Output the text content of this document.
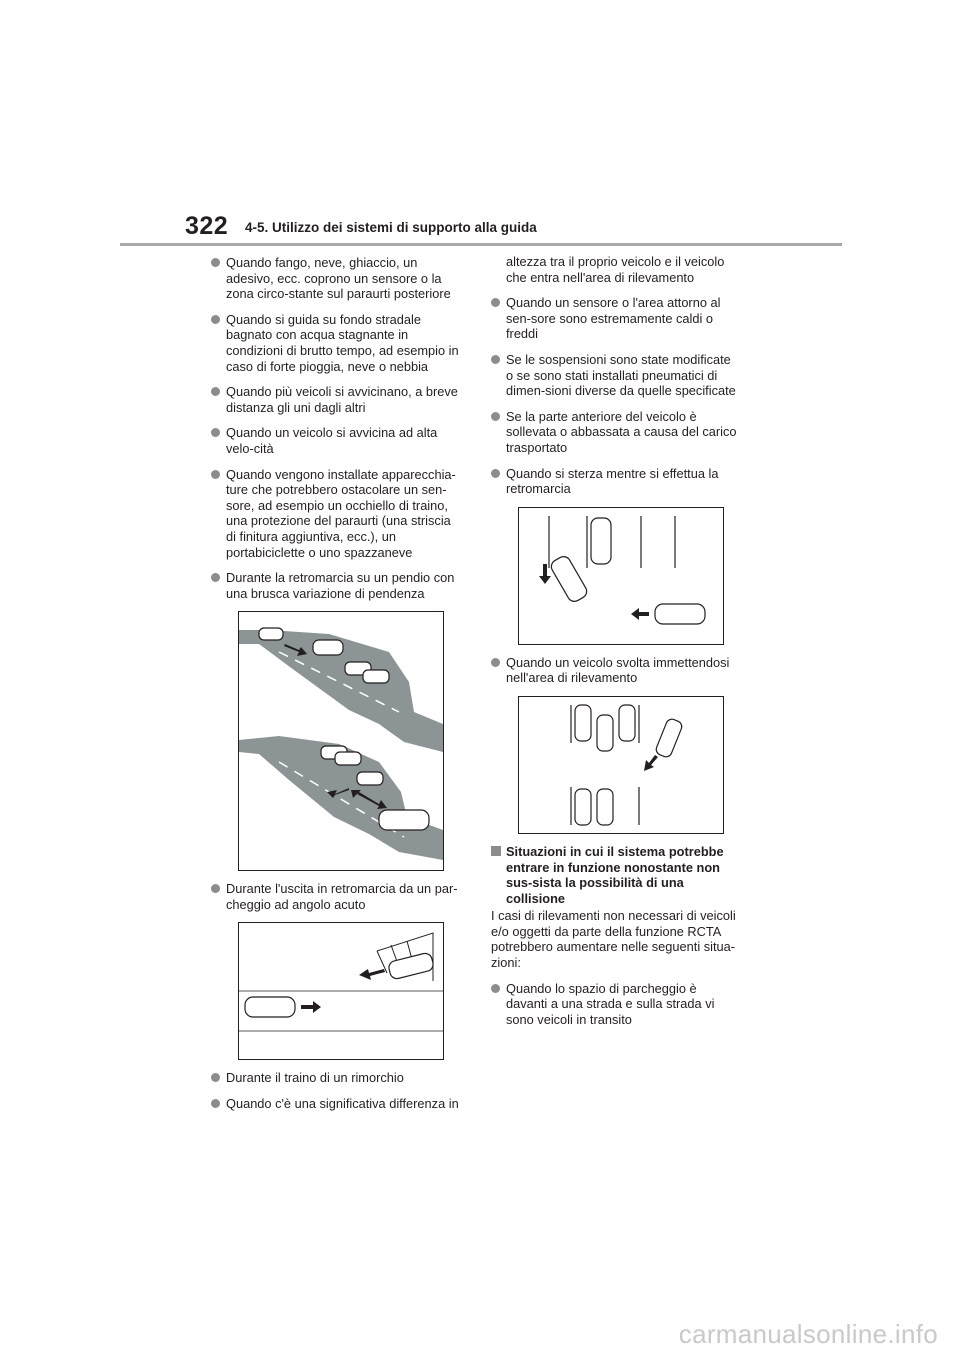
322 4-5. Utilizzo dei sistemi di supporto alla guida
Quando fango, neve, ghiaccio, un adesivo, ecc. coprono un sensore o la zona circo-stante sul paraurti posteriore
Quando si guida su fondo stradale bagnato con acqua stagnante in condizioni di brutto tempo, ad esempio in caso di forte pioggia, neve o nebbia
Quando più veicoli si avvicinano, a breve distanza gli uni dagli altri
Quando un veicolo si avvicina ad alta velo-cità
Quando vengono installate apparecchia-ture che potrebbero ostacolare un sen-sore, ad esempio un occhiello di traino, una protezione del paraurti (una striscia di finitura aggiuntiva, ecc.), un portabiciclette o uno spazzaneve
Durante la retromarcia su un pendio con una brusca variazione di pendenza
Durante l'uscita in retromarcia da un par-cheggio ad angolo acuto
Durante il traino di un rimorchio
Quando c'è una significativa differenza in
altezza tra il proprio veicolo e il veicolo che entra nell'area di rilevamento
Quando un sensore o l'area attorno al sen-sore sono estremamente caldi o freddi
Se le sospensioni sono state modificate o se sono stati installati pneumatici di dimen-sioni diverse da quelle specificate
Se la parte anteriore del veicolo è sollevata o abbassata a causa del carico trasportato
Quando si sterza mentre si effettua la retromarcia
Quando un veicolo svolta immettendosi nell'area di rilevamento
Situazioni in cui il sistema potrebbe entrare in funzione nonostante non sus-sista la possibilità di una collisione
I casi di rilevamenti non necessari di veicoli e/o oggetti da parte della funzione RCTA potrebbero aumentare nelle seguenti situa-zioni:
Quando lo spazio di parcheggio è davanti a una strada e sulla strada vi sono veicoli in transito
carmanualsonline.info
